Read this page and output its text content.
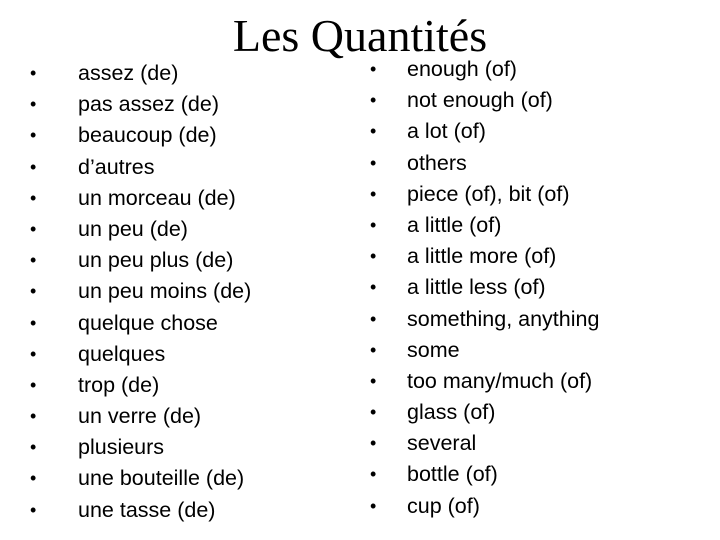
Les Quantités
•	assez (de)
•	pas assez (de)
•	beaucoup (de)
•	d’autres
•	un morceau (de)
•	un peu (de)
•	un peu plus (de)
•	un peu moins (de)
•	quelque chose
•	quelques
•	trop (de)
•	un verre (de)
•	plusieurs
•	une bouteille (de)
•	une tasse (de)
•	enough (of)
•	not enough (of)
•	a lot (of)
•	others
•	piece (of), bit (of)
•	a little (of)
•	a little more (of)
•	a little less (of)
•	something, anything
•	some
•	too many/much (of)
•	glass (of)
•	several
•	bottle (of)
•	cup (of)
